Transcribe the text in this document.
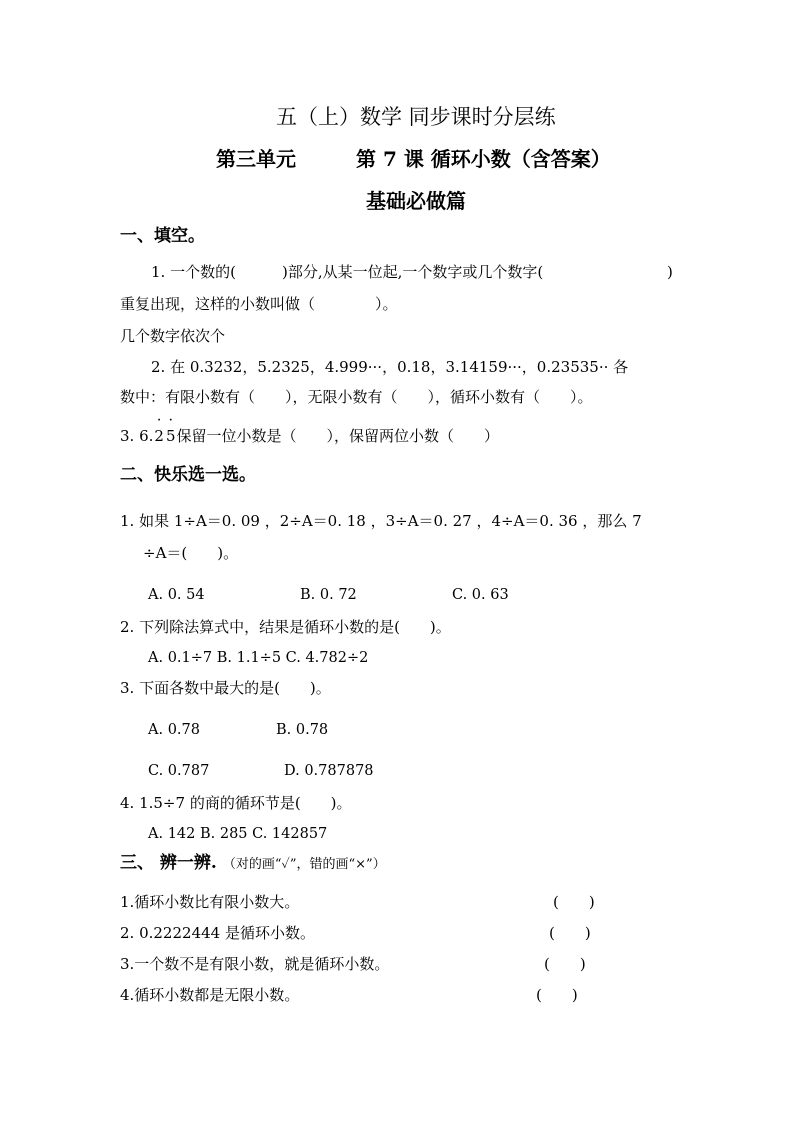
五（上）数学 同步课时分层练
第三单元	第 7 课 循环小数（含答案）
基础必做篇
一、填空。
1. 一个数的(	)部分,从某一位起,一个数字或几个数字(	)
重复出现，这样的小数叫做（　　　　）。
几个数字依次个
2. 在 0.3232，5.2325，4.999···，0.18，3.14159···，0.23535·· 各
数中：有限小数有（　　），无限小数有（　　），循环小数有（　　）。
3. 6.˙ 2˙ 5保留一位小数是（　　），保留两位小数（　　）
二、快乐选一选。
1. 如果 1÷A＝0. 09 ，2÷A＝0. 18 ，3÷A＝0. 27 ，4÷A＝0. 36 ，那么 7
÷A＝(　　)。
A. 0. 54	B. 0. 72	C. 0. 63
2. 下列除法算式中，结果是循环小数的是(　　)。
A. 0.1÷7 B. 1.1÷5 C. 4.782÷2
3. 下面各数中最大的是(　　)。
A. 0.78	B. 0.78
C. 0.787	D. 0.787878
4. 1.5÷7 的商的循环节是(　　)。
A. 142 B. 285 C. 142857
三、 辨一辨. （对的画“✓”，错的画“×”）
1.循环小数比有限小数大。	(　　)
2. 0.2222444 是循环小数。	(　　)
3.一个数不是有限小数，就是循环小数。	(　　)
4.循环小数都是无限小数。	(　　)
